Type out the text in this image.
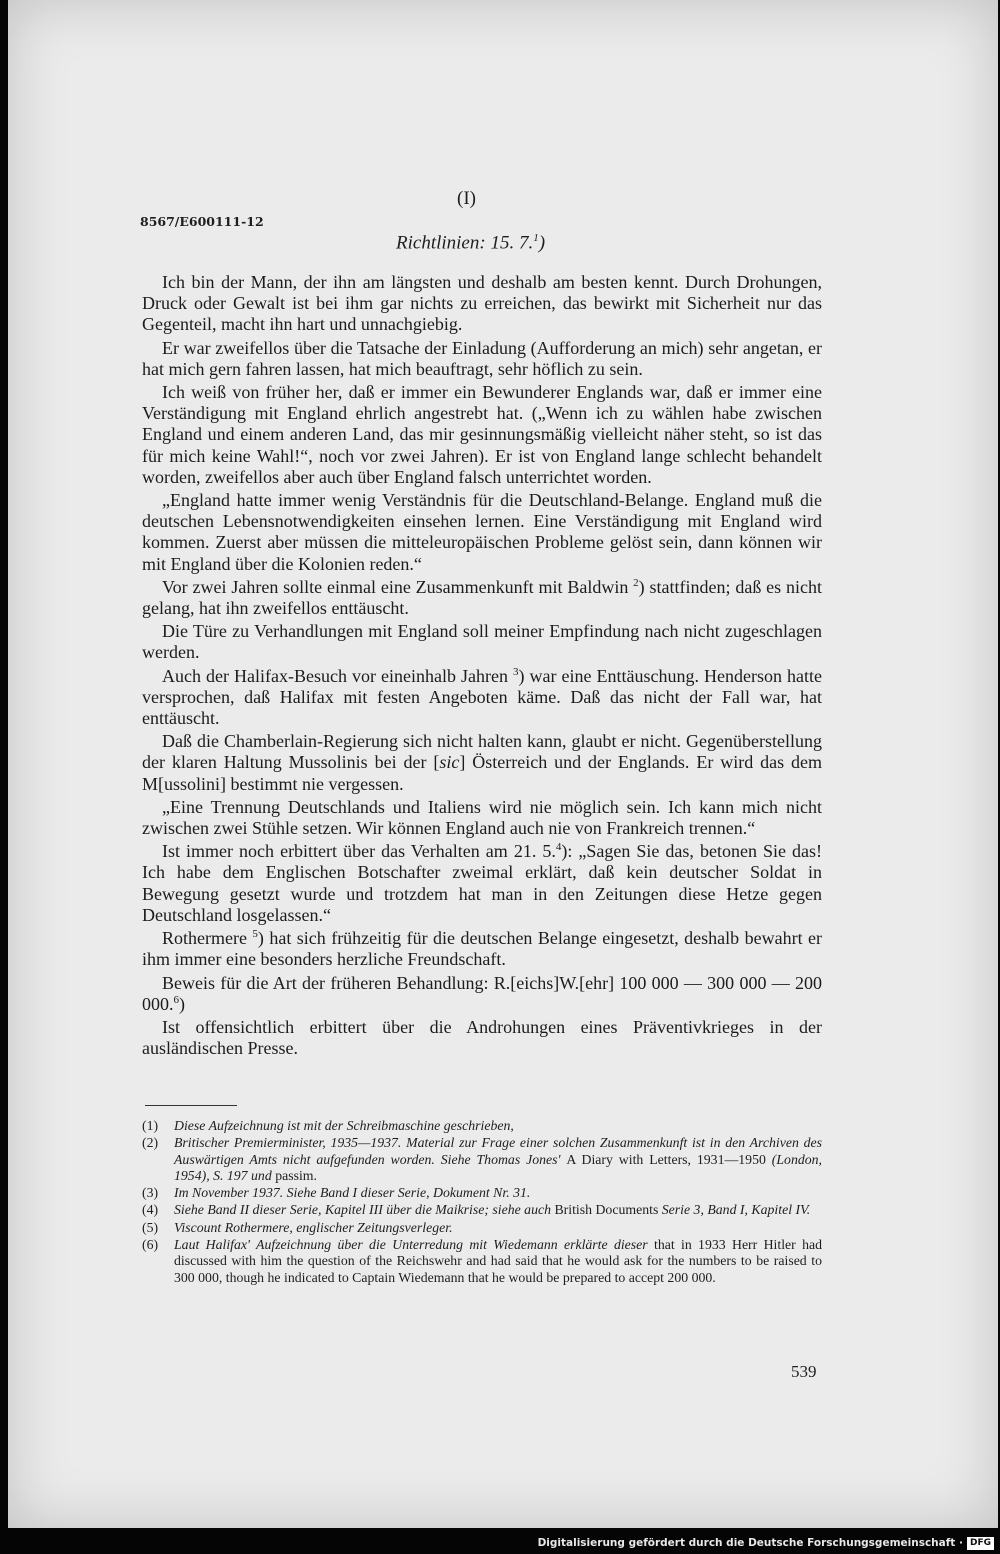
(I)
8567/E600111-12
Richtlinien: 15. 7.$^1$)

Ich bin der Mann, der ihn am längsten und deshalb am besten kennt. Durch Drohungen, Druck oder Gewalt ist bei ihm gar nichts zu erreichen, das bewirkt mit Sicherheit nur das Gegenteil, macht ihn hart und unnachgiebig.

Er war zweifellos über die Tatsache der Einladung (Aufforderung an mich) sehr angetan, er hat mich gern fahren lassen, hat mich beauftragt, sehr höflich zu sein.

Ich weiß von früher her, daß er immer ein Bewunderer Englands war, daß er immer eine Verständigung mit England ehrlich angestrebt hat. („Wenn ich zu wählen habe zwischen England und einem anderen Land, das mir gesinnungsmäßig vielleicht näher steht, so ist das für mich keine Wahl!“, noch vor zwei Jahren). Er ist von England lange schlecht behandelt worden, zweifellos aber auch über England falsch unterrichtet worden.

„England hatte immer wenig Verständnis für die Deutschland-Belange. England muß die deutschen Lebensnotwendigkeiten einsehen lernen. Eine Verständigung mit England wird kommen. Zuerst aber müssen die mitteleuropäischen Probleme gelöst sein, dann können wir mit England über die Kolonien reden.“

Vor zwei Jahren sollte einmal eine Zusammenkunft mit Baldwin $^2$) stattfinden; daß es nicht gelang, hat ihn zweifellos enttäuscht.

Die Türe zu Verhandlungen mit England soll meiner Empfindung nach nicht zugeschlagen werden.

Auch der Halifax-Besuch vor eineinhalb Jahren $^3$) war eine Enttäuschung. Henderson hatte versprochen, daß Halifax mit festen Angeboten käme. Daß das nicht der Fall war, hat enttäuscht.

Daß die Chamberlain-Regierung sich nicht halten kann, glaubt er nicht. Gegenüberstellung der klaren Haltung Mussolinis bei der [sic] Österreich und der Englands. Er wird das dem M[ussolini] bestimmt nie vergessen.

„Eine Trennung Deutschlands und Italiens wird nie möglich sein. Ich kann mich nicht zwischen zwei Stühle setzen. Wir können England auch nie von Frankreich trennen.“

Ist immer noch erbittert über das Verhalten am 21. 5.$^4$): „Sagen Sie das, betonen Sie das! Ich habe dem Englischen Botschafter zweimal erklärt, daß kein deutscher Soldat in Bewegung gesetzt wurde und trotzdem hat man in den Zeitungen diese Hetze gegen Deutschland losgelassen.“

Rothermere $^5$) hat sich frühzeitig für die deutschen Belange eingesetzt, deshalb bewahrt er ihm immer eine besonders herzliche Freundschaft.

Beweis für die Art der früheren Behandlung: R.[eichs]W.[ehr] 100 000 — 300 000 — 200 000.$^6$)

Ist offensichtlich erbittert über die Androhungen eines Präventivkrieges in der ausländischen Presse.

(1)	Diese Aufzeichnung ist mit der Schreibmaschine geschrieben,
(2)	Britischer Premierminister, 1935—1937. Material zur Frage einer solchen Zusammenkunft ist in den Archiven des Auswärtigen Amts nicht aufgefunden worden. Siehe Thomas Jones' A Diary with Letters, 1931—1950 (London, 1954), S. 197 und passim.
(3)	Im November 1937. Siehe Band I dieser Serie, Dokument Nr. 31.
(4)	Siehe Band II dieser Serie, Kapitel III über die Maikrise; siehe auch British Documents Serie 3, Band I, Kapitel IV.
(5)	Viscount Rothermere, englischer Zeitungsverleger.
(6)	Laut Halifax' Aufzeichnung über die Unterredung mit Wiedemann erklärte dieser that in 1933 Herr Hitler had discussed with him the question of the Reichswehr and had said that he would ask for the numbers to be raised to 300 000, though he indicated to Captain Wiedemann that he would be prepared to accept 200 000.
539
Digitalisierung gefördert durch die Deutsche Forschungsgemeinschaft · DFG
